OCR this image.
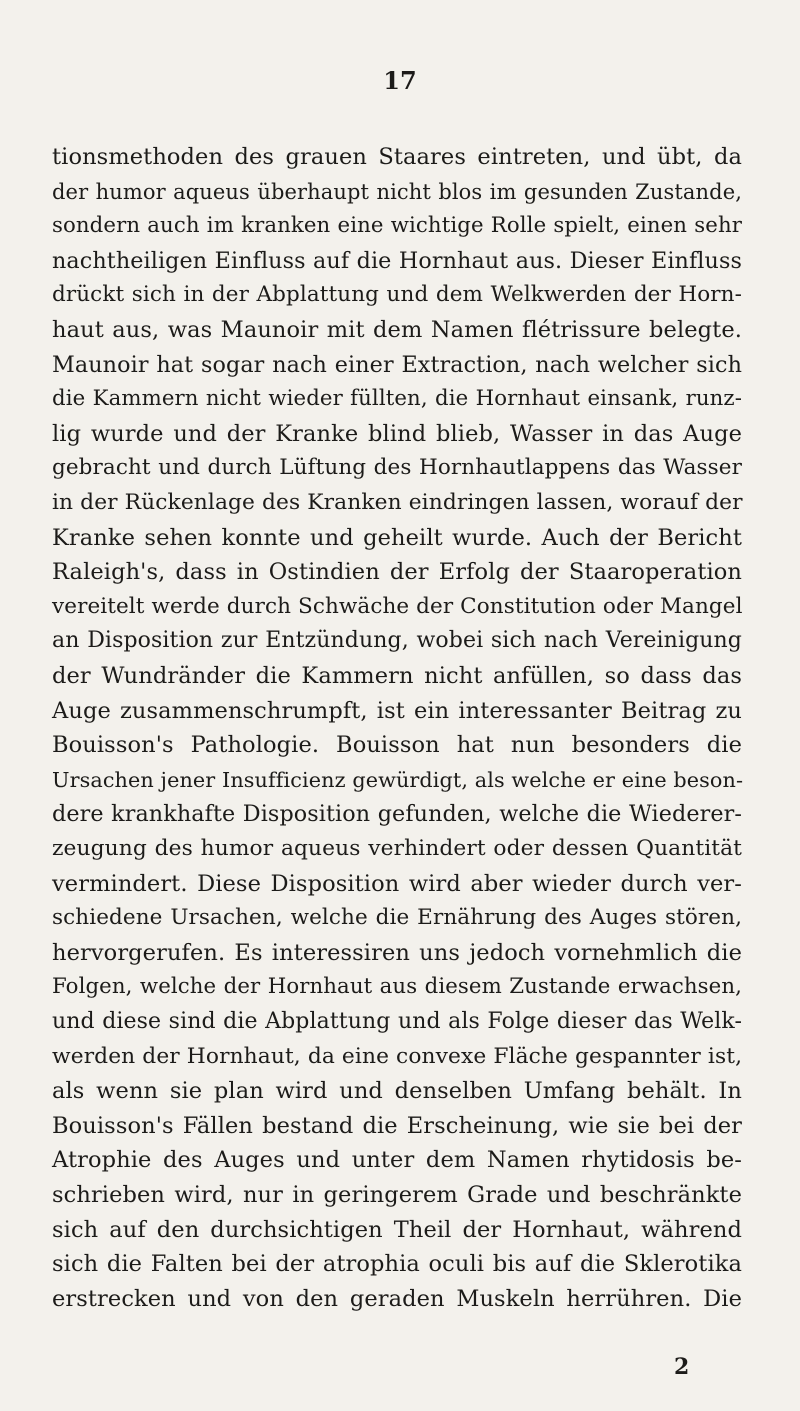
17
tionsmethoden des grauen Staares eintreten, und übt, da
der humor aqueus überhaupt nicht blos im gesunden Zustande,
sondern auch im kranken eine wichtige Rolle spielt, einen sehr
nachtheiligen Einfluss auf die Hornhaut aus. Dieser Einfluss
drückt sich in der Abplattung und dem Welkwerden der Horn-
haut aus, was Maunoir mit dem Namen flétrissure belegte.
Maunoir hat sogar nach einer Extraction, nach welcher sich
die Kammern nicht wieder füllten, die Hornhaut einsank, runz-
lig wurde und der Kranke blind blieb, Wasser in das Auge
gebracht und durch Lüftung des Hornhautlappens das Wasser
in der Rückenlage des Kranken eindringen lassen, worauf der
Kranke sehen konnte und geheilt wurde. Auch der Bericht
Raleigh's, dass in Ostindien der Erfolg der Staaroperation
vereitelt werde durch Schwäche der Constitution oder Mangel
an Disposition zur Entzündung, wobei sich nach Vereinigung
der Wundränder die Kammern nicht anfüllen, so dass das
Auge zusammenschrumpft, ist ein interessanter Beitrag zu
Bouisson's Pathologie. Bouisson hat nun besonders die
Ursachen jener Insufficienz gewürdigt, als welche er eine beson-
dere krankhafte Disposition gefunden, welche die Wiederer-
zeugung des humor aqueus verhindert oder dessen Quantität
vermindert. Diese Disposition wird aber wieder durch ver-
schiedene Ursachen, welche die Ernährung des Auges stören,
hervorgerufen. Es interessiren uns jedoch vornehmlich die
Folgen, welche der Hornhaut aus diesem Zustande erwachsen,
und diese sind die Abplattung und als Folge dieser das Welk-
werden der Hornhaut, da eine convexe Fläche gespannter ist,
als wenn sie plan wird und denselben Umfang behält. In
Bouisson's Fällen bestand die Erscheinung, wie sie bei der
Atrophie des Auges und unter dem Namen rhytidosis be-
schrieben wird, nur in geringerem Grade und beschränkte
sich auf den durchsichtigen Theil der Hornhaut, während
sich die Falten bei der atrophia oculi bis auf die Sklerotika
erstrecken und von den geraden Muskeln herrühren. Die
2
